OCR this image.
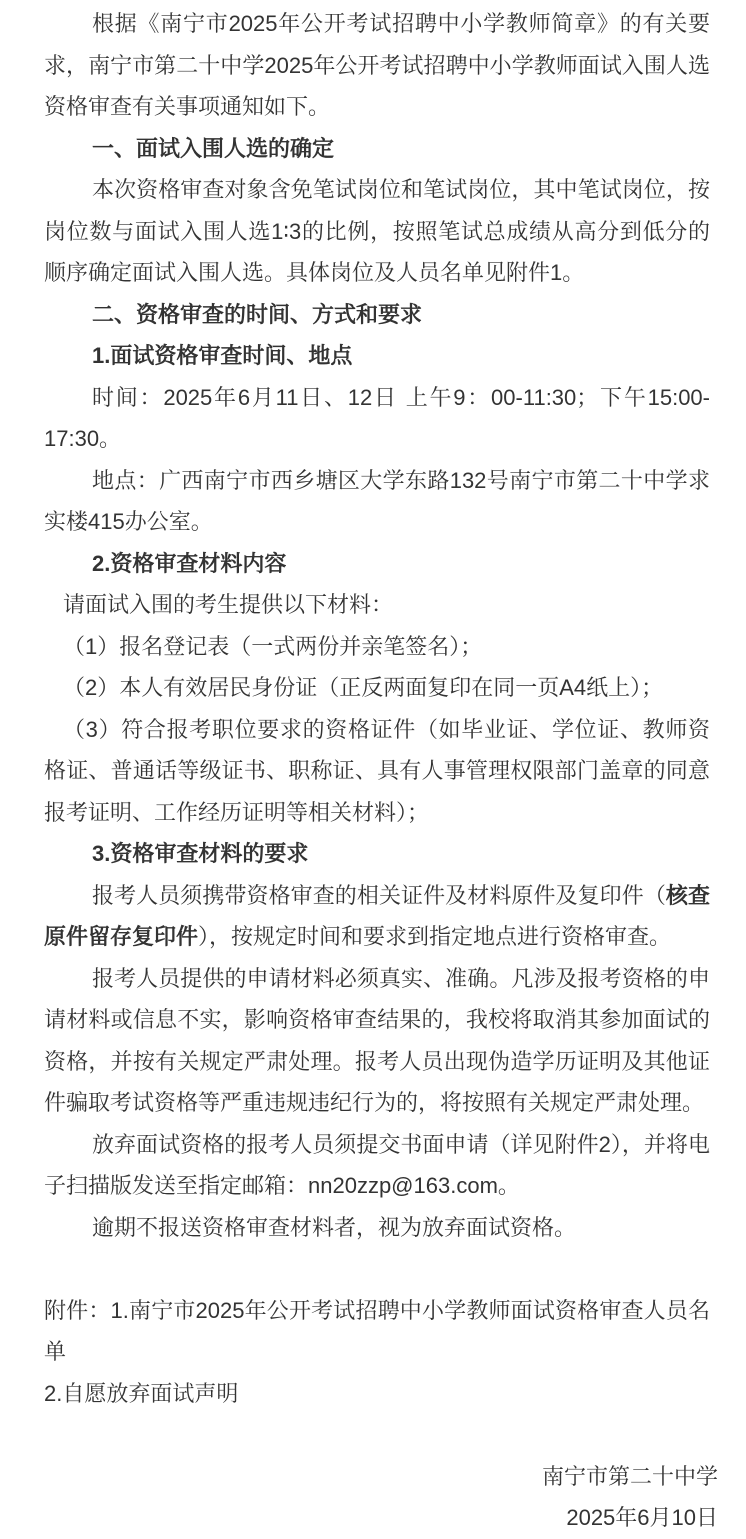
根据《南宁市2025年公开考试招聘中小学教师简章》的有关要求，南宁市第二十中学2025年公开考试招聘中小学教师面试入围人选资格审查有关事项通知如下。

一、面试入围人选的确定

本次资格审查对象含免笔试岗位和笔试岗位，其中笔试岗位，按岗位数与面试入围人选1∶3的比例，按照笔试总成绩从高分到低分的顺序确定面试入围人选。具体岗位及人员名单见附件1。

二、资格审查的时间、方式和要求

1.面试资格审查时间、地点

时间：2025年6月11日、12日 上午9：00-11:30；下午15:00-17:30。

地点：广西南宁市西乡塘区大学东路132号南宁市第二十中学求实楼415办公室。

2.资格审查材料内容

请面试入围的考生提供以下材料：

（1）报名登记表（一式两份并亲笔签名）；

（2）本人有效居民身份证（正反两面复印在同一页A4纸上）；

（3）符合报考职位要求的资格证件（如毕业证、学位证、教师资格证、普通话等级证书、职称证、具有人事管理权限部门盖章的同意报考证明、工作经历证明等相关材料）；

3.资格审查材料的要求

报考人员须携带资格审查的相关证件及材料原件及复印件（核查原件留存复印件），按规定时间和要求到指定地点进行资格审查。

报考人员提供的申请材料必须真实、准确。凡涉及报考资格的申请材料或信息不实，影响资格审查结果的，我校将取消其参加面试的资格，并按有关规定严肃处理。报考人员出现伪造学历证明及其他证件骗取考试资格等严重违规违纪行为的，将按照有关规定严肃处理。

放弃面试资格的报考人员须提交书面申请（详见附件2），并将电子扫描版发送至指定邮箱：nn20zzp@163.com。

逾期不报送资格审查材料者，视为放弃面试资格。

附件：1.南宁市2025年公开考试招聘中小学教师面试资格审查人员名单

2.自愿放弃面试声明

南宁市第二十中学

2025年6月10日
